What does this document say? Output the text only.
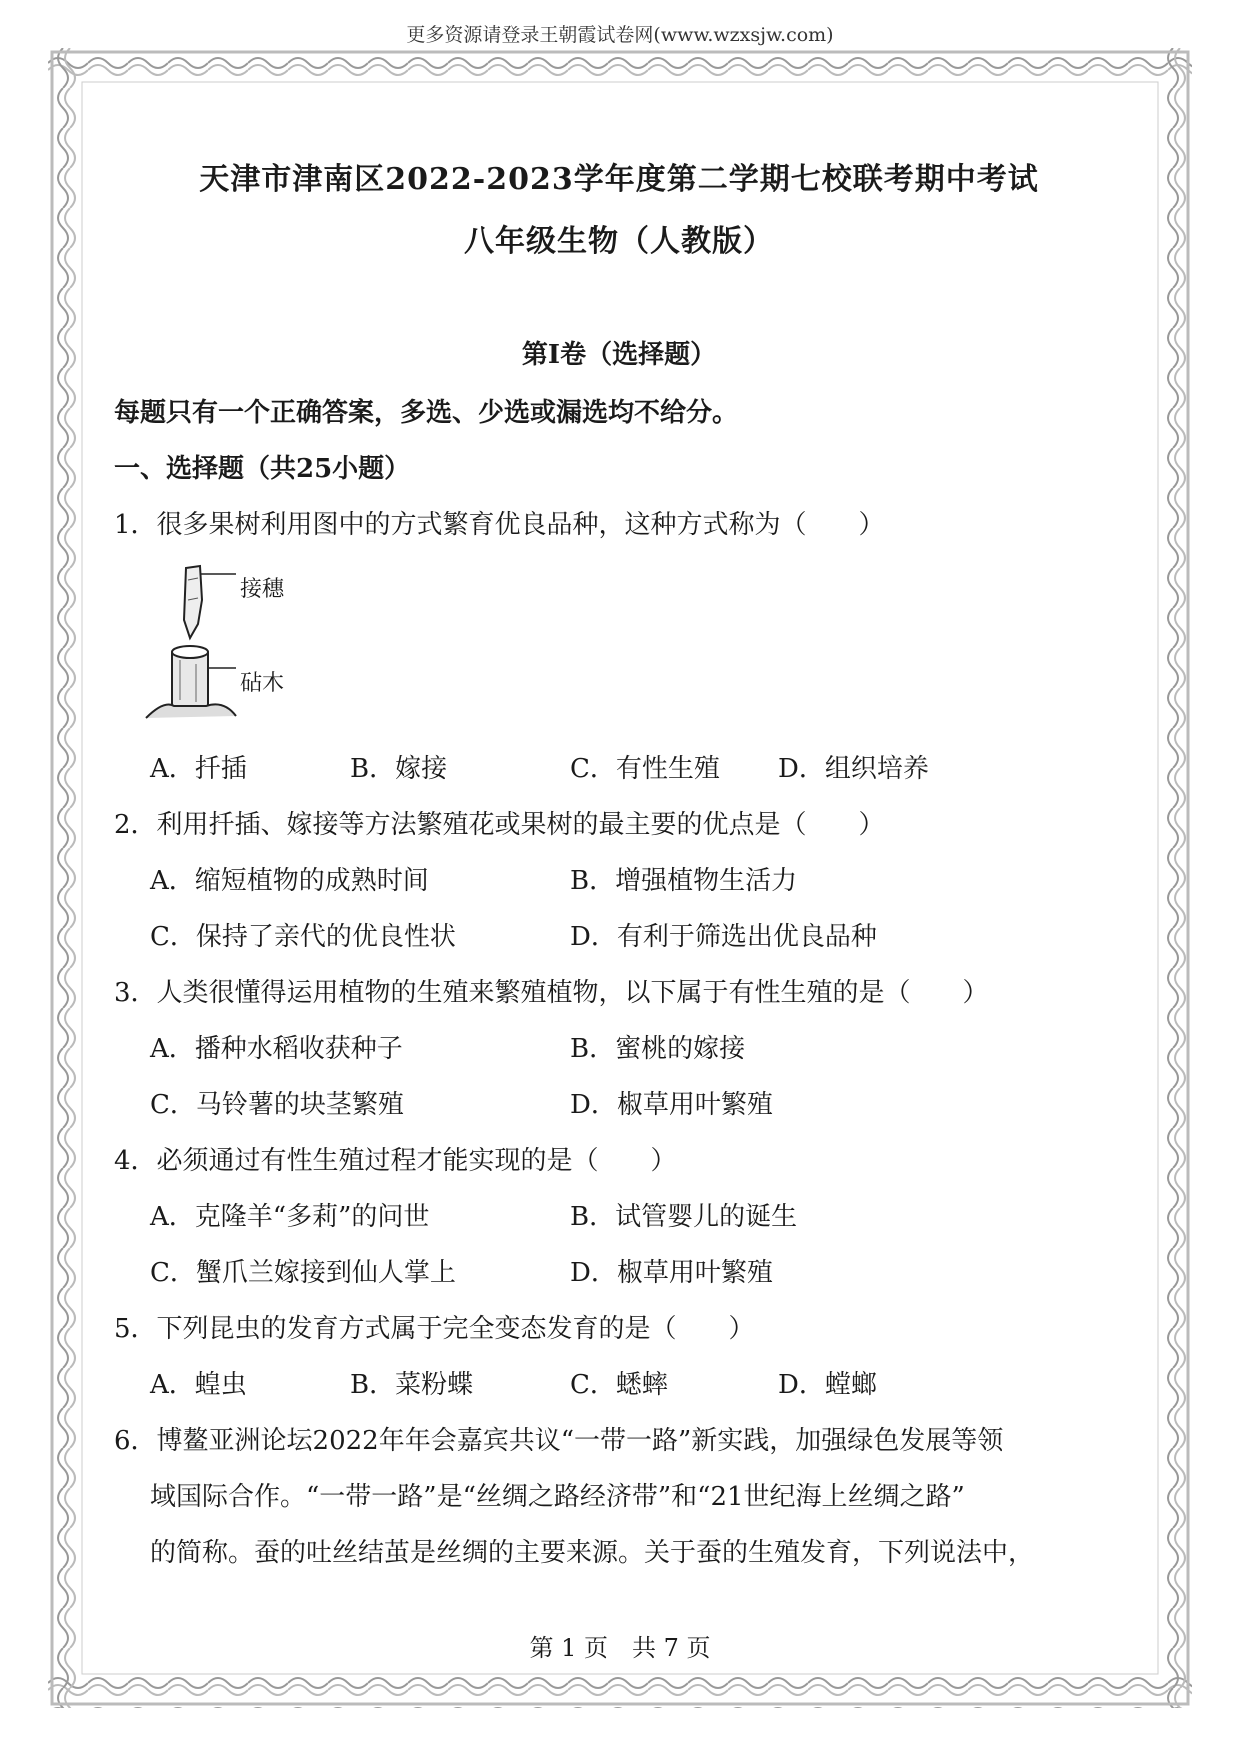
更多资源请登录王朝霞试卷网(www.wzxsjw.com)
天津市津南区2022-2023学年度第二学期七校联考期中考试
八年级生物（人教版）
第Ⅰ卷（选择题）
每题只有一个正确答案，多选、少选或漏选均不给分。
一、选择题（共25小题）
1．很多果树利用图中的方式繁育优良品种，这种方式称为（　　）
接穗
砧木
A．扦插	B．嫁接	C．有性生殖 D．组织培养
2．利用扦插、嫁接等方法繁殖花或果树的最主要的优点是（　　）
A．缩短植物的成熟时间	B．增强植物生活力
C．保持了亲代的优良性状	D．有利于筛选出优良品种
3．人类很懂得运用植物的生殖来繁殖植物，以下属于有性生殖的是（　　）
A．播种水稻收获种子	B．蜜桃的嫁接
C．马铃薯的块茎繁殖	D．椒草用叶繁殖
4．必须通过有性生殖过程才能实现的是（　　）
A．克隆羊“多莉”的问世	B．试管婴儿的诞生
C．蟹爪兰嫁接到仙人掌上	D．椒草用叶繁殖
5．下列昆虫的发育方式属于完全变态发育的是（　　）
A．蝗虫	B．菜粉蝶	C．蟋蟀	D．螳螂
6．博鳌亚洲论坛2022年年会嘉宾共议“一带一路”新实践，加强绿色发展等领
域国际合作。“一带一路”是“丝绸之路经济带”和“21世纪海上丝绸之路”
的简称。蚕的吐丝结茧是丝绸的主要来源。关于蚕的生殖发育，下列说法中，
第 1 页　共 7 页
